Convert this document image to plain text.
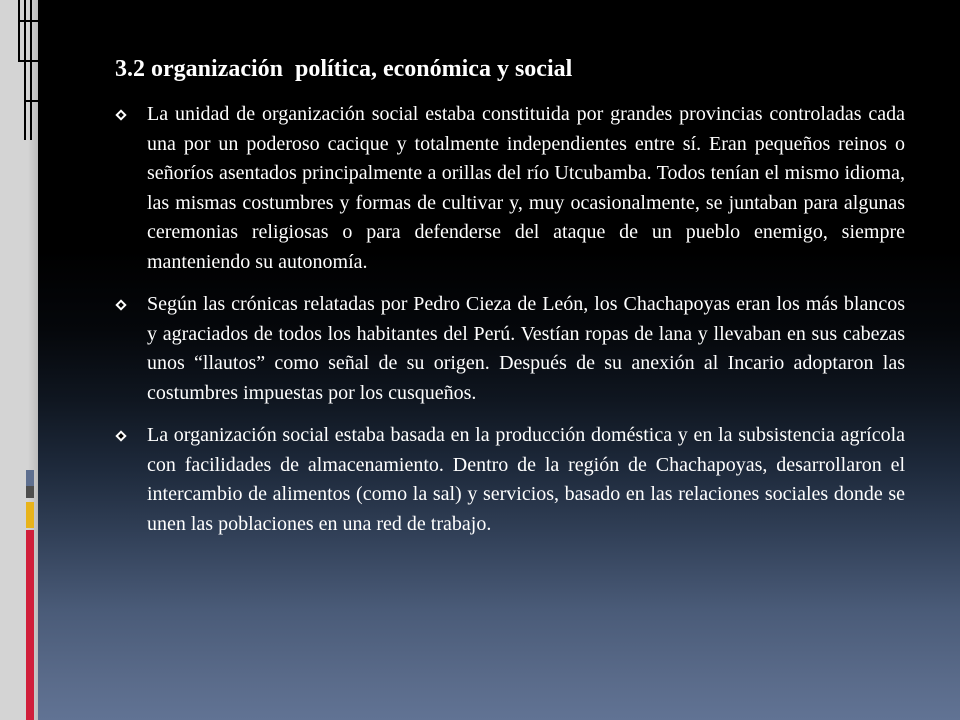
3.2 organización  política, económica y social
La unidad de organización social estaba constituida por grandes provincias controladas cada una por un poderoso cacique y totalmente independientes entre sí. Eran pequeños reinos o señoríos asentados principalmente a orillas del río Utcubamba. Todos tenían el mismo idioma, las mismas costumbres y formas de cultivar y, muy ocasionalmente, se juntaban para algunas ceremonias religiosas o para defenderse del ataque de un pueblo enemigo, siempre manteniendo su autonomía.
Según las crónicas relatadas por Pedro Cieza de León, los Chachapoyas eran los más blancos y agraciados de todos los habitantes del Perú. Vestían ropas de lana y llevaban en sus cabezas unos “llautos” como señal de su origen. Después de su anexión al Incario adoptaron las costumbres impuestas por los cusqueños.
La organización social estaba basada en la producción doméstica y en la subsistencia agrícola con facilidades de almacenamiento. Dentro de la región de Chachapoyas, desarrollaron el intercambio de alimentos (como la sal) y servicios, basado en las relaciones sociales donde se unen las poblaciones en una red de trabajo.
